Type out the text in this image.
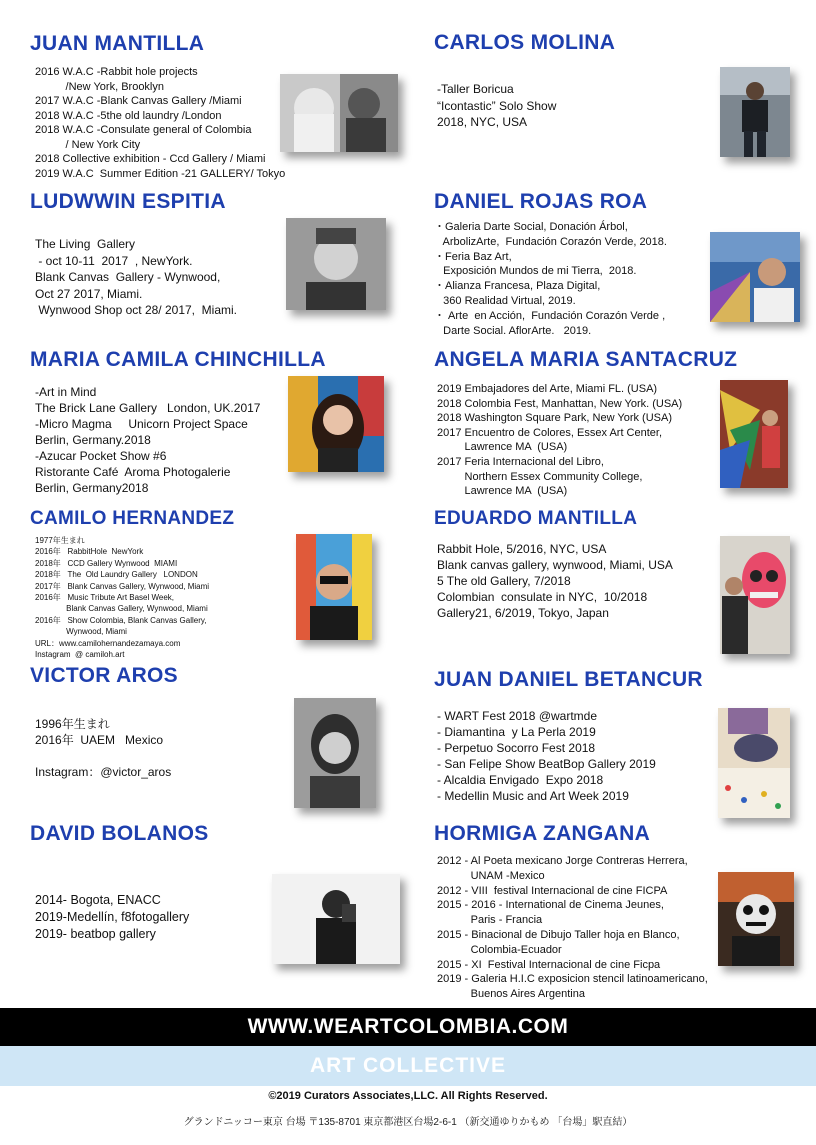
JUAN MANTILLA
2016 W.A.C -Rabbit hole projects
/New York, Brooklyn
2017 W.A.C -Blank Canvas Gallery /Miami
2018 W.A.C -5the old laundry /London
2018 W.A.C -Consulate general of Colombia
/ New York City
2018 Collective exhibition - Ccd Gallery / Miami
2019 W.A.C  Summer Edition -21 GALLERY/ Tokyo
CARLOS MOLINA
-Taller Boricua
“Icontastic” Solo Show
2018, NYC, USA
LUDWWIN ESPITIA
The Living  Gallery
- oct 10-11  2017  , NewYork.
Blank Canvas  Gallery - Wynwood,
Oct 27 2017, Miami.
Wynwood Shop oct 28/ 2017,  Miami.
DANIEL ROJAS ROA
・Galeria Darte Social, Donación Árbol,
ArbolizArte,  Fundación Corazón Verde, 2018.
・Feria Baz Art,
Exposición Mundos de mi Tierra,  2018.
・Alianza Francesa, Plaza Digital,
360 Realidad Virtual, 2019.
・ Arte  en Acción,  Fundación Corazón Verde ,
Darte Social. AflorArte.   2019.
MARIA CAMILA CHINCHILLA
-Art in Mind
The Brick Lane Gallery   London, UK.2017
-Micro Magma     Unicorn Project Space
Berlin, Germany.2018
-Azucar Pocket Show #6
Ristorante Café  Aroma Photogalerie
Berlin, Germany2018
ANGELA MARIA SANTACRUZ
2019 Embajadores del Arte, Miami FL. (USA)
2018 Colombia Fest, Manhattan, New York. (USA)
2018 Washington Square Park, New York (USA)
2017 Encuentro de Colores, Essex Art Center,
Lawrence MA  (USA)
2017 Feria Internacional del Libro,
Northern Essex Community College,
Lawrence MA  (USA)
CAMILO HERNANDEZ
1977年生まれ
2016年   RabbitHole  NewYork
2018年   CCD Gallery Wynwood  MIAMI
2018年   The  Old Laundry Gallery   LONDON
2017年   Blank Canvas Gallery, Wynwood, Miami
2016年   Music Tribute Art Basel Week,
Blank Canvas Gallery, Wynwood, Miami
2016年   Show Colombia, Blank Canvas Gallery,
Wynwood, Miami
URL：www.camilohernandezamaya.com
Instagram  @ camiloh.art
EDUARDO MANTILLA
Rabbit Hole, 5/2016, NYC, USA
Blank canvas gallery, wynwood, Miami, USA
5 The old Gallery, 7/2018
Colombian  consulate in NYC,  10/2018
Gallery21, 6/2019, Tokyo, Japan
VICTOR AROS
1996年生まれ
2016年  UAEM   Mexico

Instagram：@victor_aros
JUAN DANIEL BETANCUR
- WART Fest 2018 @wartmde
- Diamantina  y La Perla 2019
- Perpetuo Socorro Fest 2018
- San Felipe Show BeatBop Gallery 2019
- Alcaldia Envigado  Expo 2018
- Medellin Music and Art Week 2019
DAVID BOLANOS
2014- Bogota, ENACC
2019-Medellín, f8fotogallery
2019- beatbop gallery
HORMIGA ZANGANA
2012 - Al Poeta mexicano Jorge Contreras Herrera,
UNAM -Mexico
2012 - VIII  festival Internacional de cine FICPA
2015 - 2016 - International de Cinema Jeunes,
Paris - Francia
2015 - Binacional de Dibujo Taller hoja en Blanco,
Colombia-Ecuador
2015 - XI  Festival Internacional de cine Ficpa
2019 - Galeria H.I.C exposicion stencil latinoamericano,
Buenos Aires Argentina
WWW.WEARTCOLOMBIA.COM
ART COLLECTIVE
©2019 Curators Associates,LLC. All Rights Reserved.
グランドニッコー東京 台場 〒135-8701 東京都港区台場2-6-1 （新交通ゆりかもめ 「台場」駅直結）
